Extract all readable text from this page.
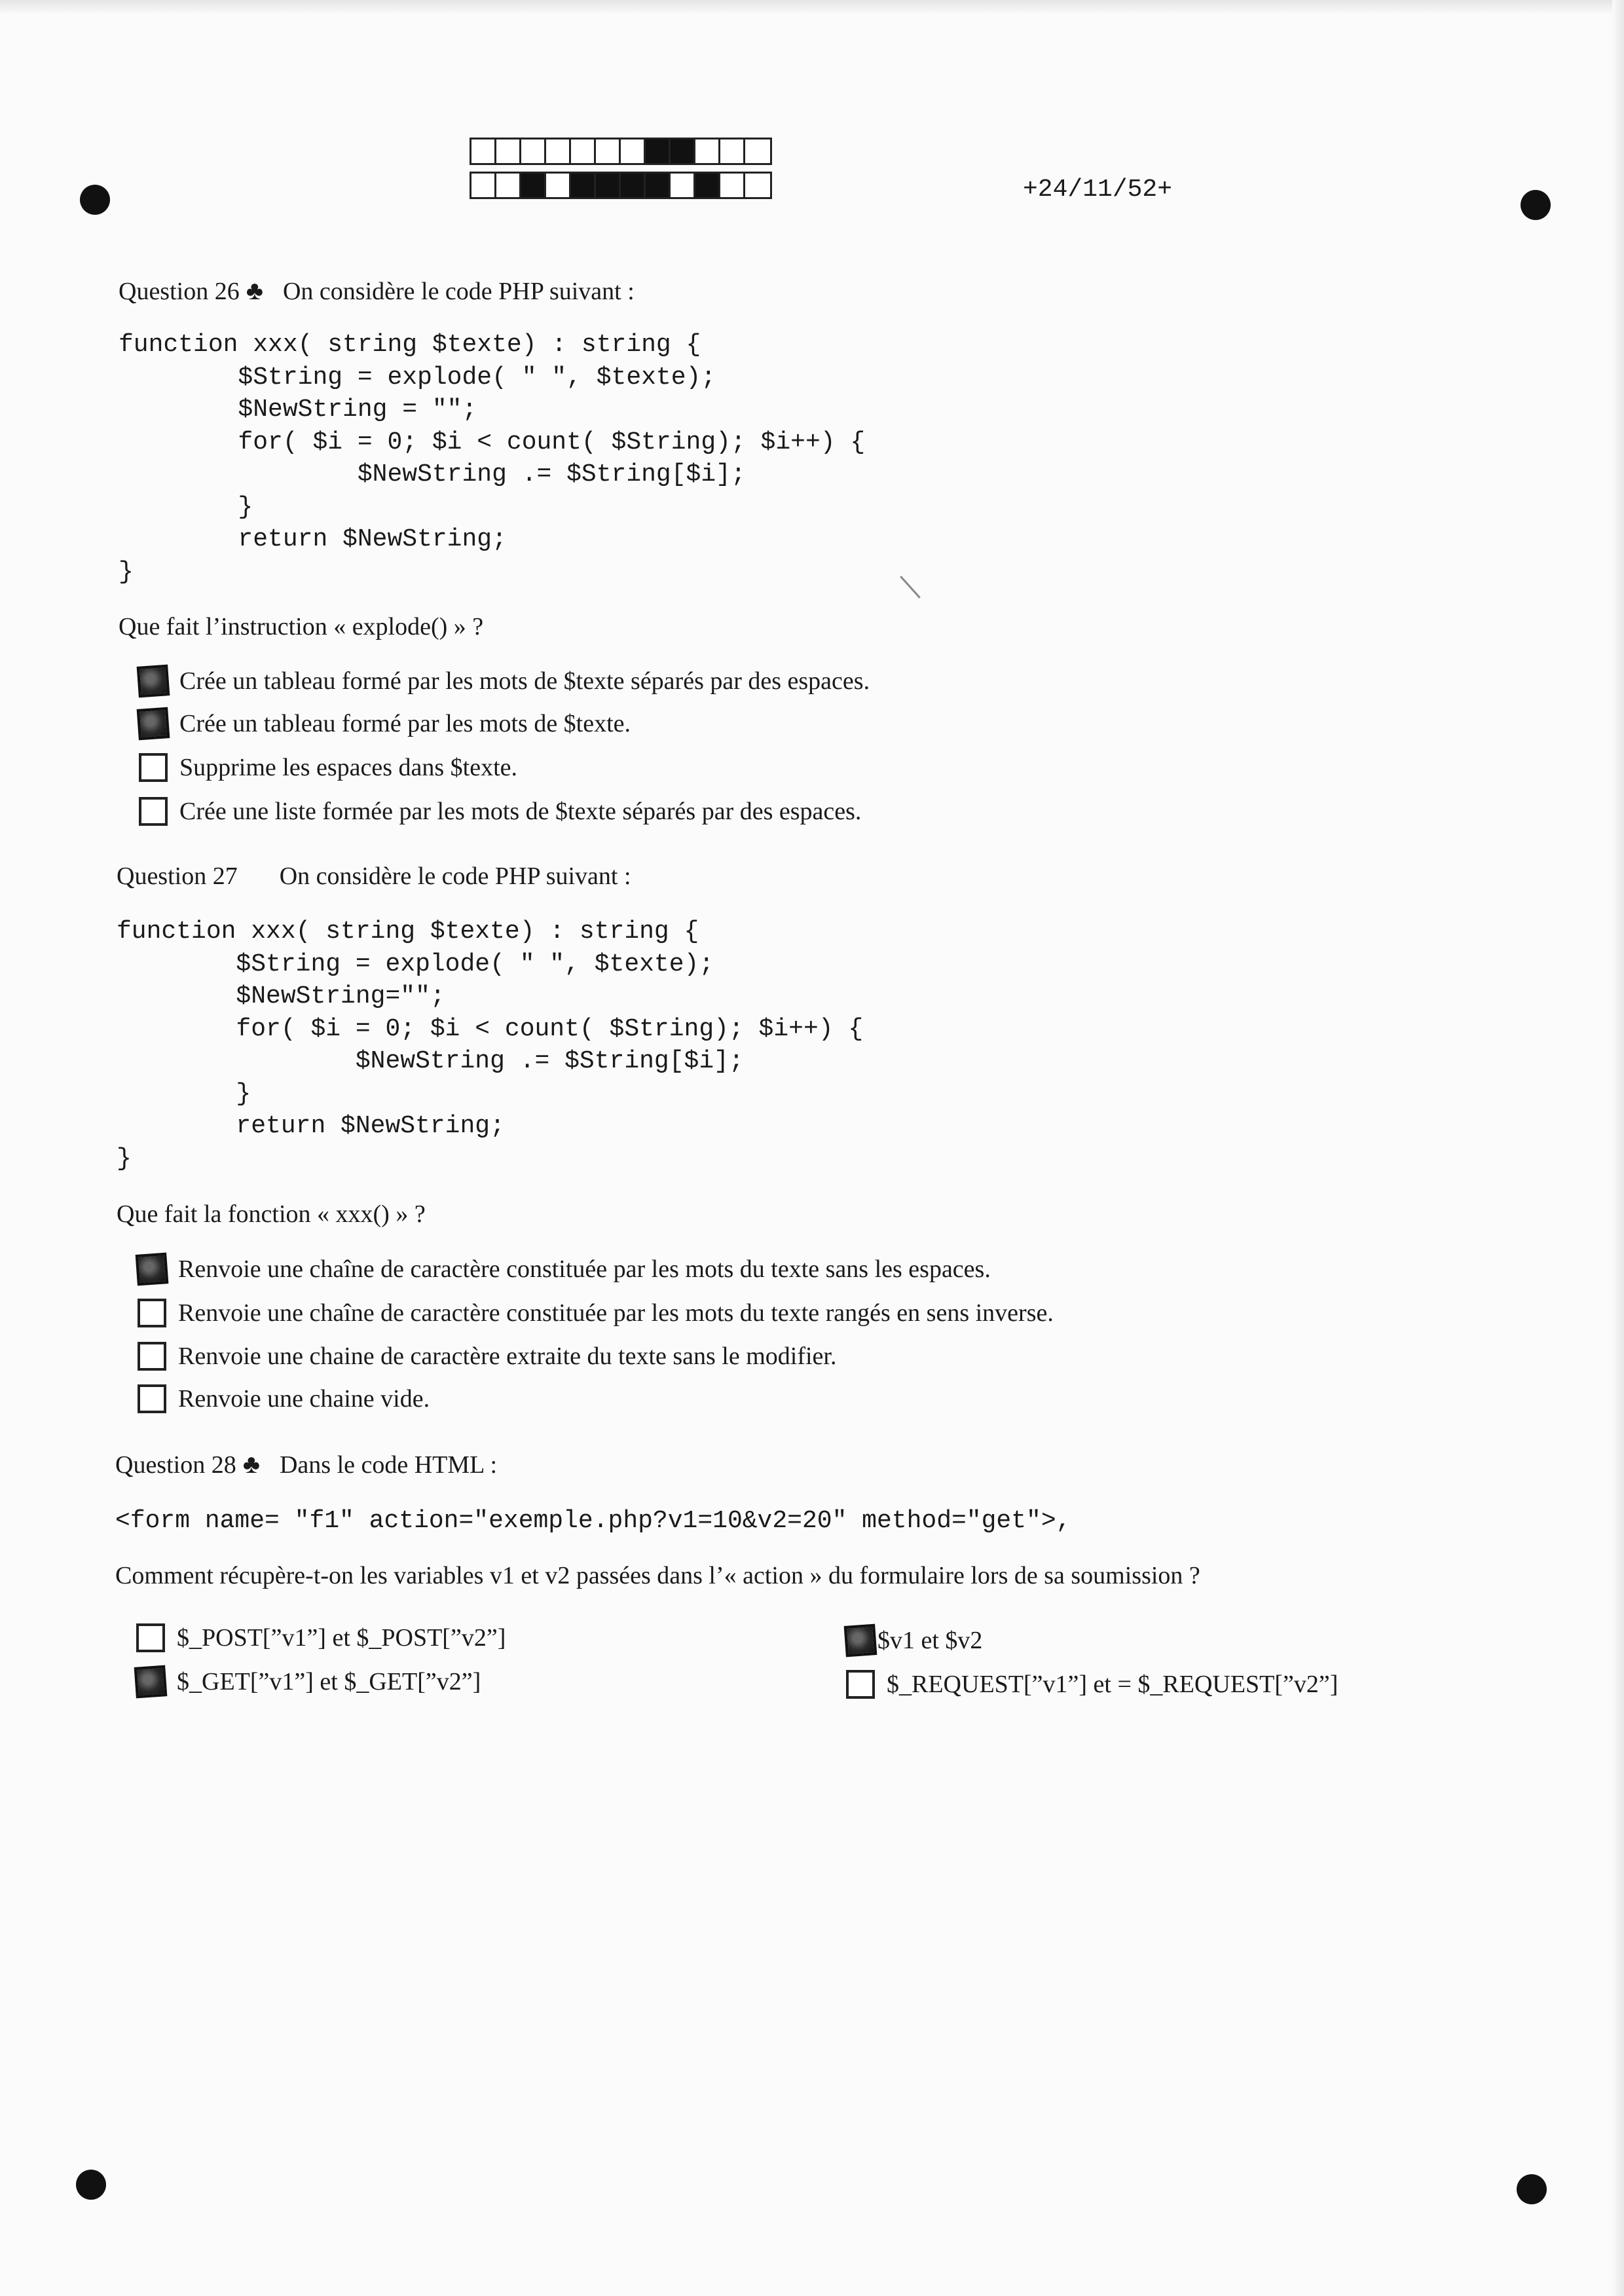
+24/11/52+
Question 26 ♣ On considère le code PHP suivant :
function xxx( string $texte) : string {
$String = explode( " ", $texte);
$NewString = "";
for( $i = 0; $i < count( $String); $i++) {
$NewString .= $String[$i];
}
return $NewString;
}
Que fait l’instruction « explode() » ?
Crée un tableau formé par les mots de $texte séparés par des espaces.
Crée un tableau formé par les mots de $texte.
Supprime les espaces dans $texte.
Crée une liste formée par les mots de $texte séparés par des espaces.
Question 27 On considère le code PHP suivant :
function xxx( string $texte) : string {
$String = explode( " ", $texte);
$NewString="";
for( $i = 0; $i < count( $String); $i++) {
$NewString .= $String[$i];
}
return $NewString;
}
Que fait la fonction « xxx() » ?
Renvoie une chaîne de caractère constituée par les mots du texte sans les espaces.
Renvoie une chaîne de caractère constituée par les mots du texte rangés en sens inverse.
Renvoie une chaine de caractère extraite du texte sans le modifier.
Renvoie une chaine vide.
Question 28 ♣ Dans le code HTML :
<form name= "f1" action="exemple.php?v1=10&v2=20" method="get">,
Comment récupère-t-on les variables v1 et v2 passées dans l’« action » du formulaire lors de sa soumission ?
$_POST[”v1”] et $_POST[”v2”]
$_GET[”v1”] et $_GET[”v2”]
$v1 et $v2
$_REQUEST[”v1”] et = $_REQUEST[”v2”]
